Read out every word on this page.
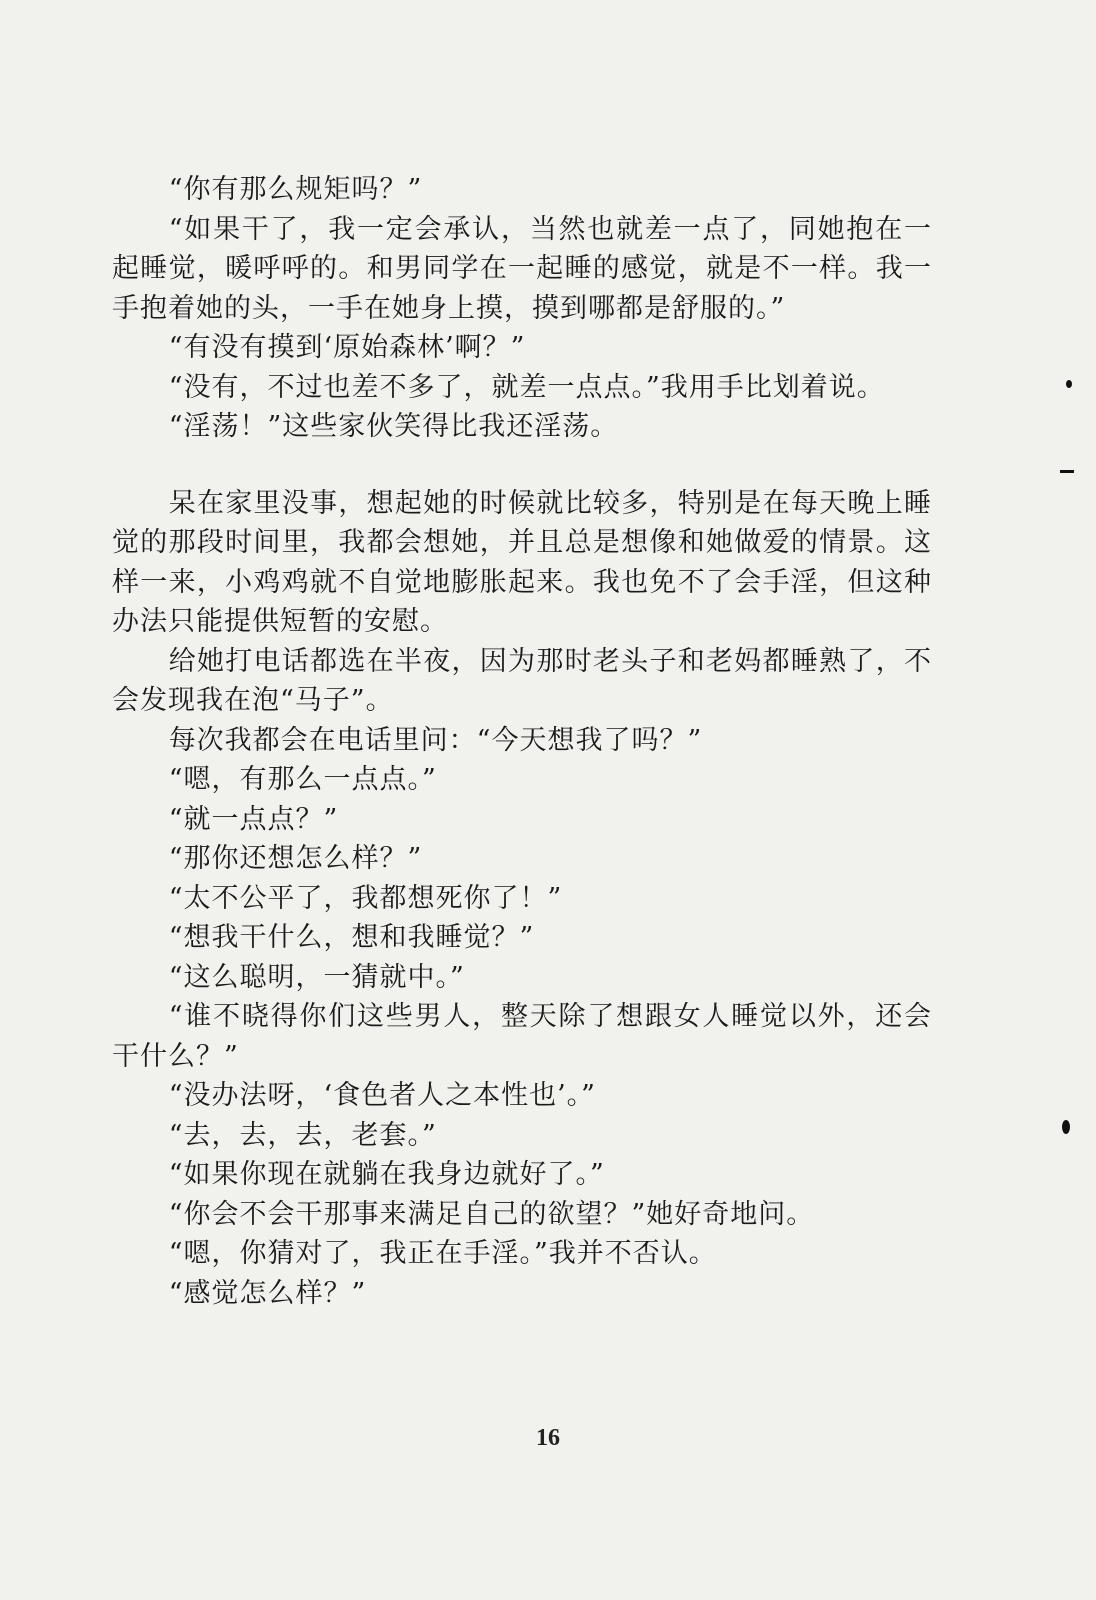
“你有那么规矩吗？”

“如果干了，我一定会承认，当然也就差一点了，同她抱在一起睡觉，暖呼呼的。和男同学在一起睡的感觉，就是不一样。我一手抱着她的头，一手在她身上摸，摸到哪都是舒服的。”

“有没有摸到‘原始森林’啊？”

“没有，不过也差不多了，就差一点点。”我用手比划着说。

“淫荡！”这些家伙笑得比我还淫荡。

呆在家里没事，想起她的时候就比较多，特别是在每天晚上睡觉的那段时间里，我都会想她，并且总是想像和她做爱的情景。这样一来，小鸡鸡就不自觉地膨胀起来。我也免不了会手淫，但这种办法只能提供短暂的安慰。

给她打电话都选在半夜，因为那时老头子和老妈都睡熟了，不会发现我在泡“马子”。

每次我都会在电话里问：“今天想我了吗？”

“嗯，有那么一点点。”

“就一点点？”

“那你还想怎么样？”

“太不公平了，我都想死你了！”

“想我干什么，想和我睡觉？”

“这么聪明，一猜就中。”

“谁不晓得你们这些男人，整天除了想跟女人睡觉以外，还会干什么？”

“没办法呀，‘食色者人之本性也’。”

“去，去，去，老套。”

“如果你现在就躺在我身边就好了。”

“你会不会干那事来满足自己的欲望？”她好奇地问。

“嗯，你猜对了，我正在手淫。”我并不否认。

“感觉怎么样？”

16
